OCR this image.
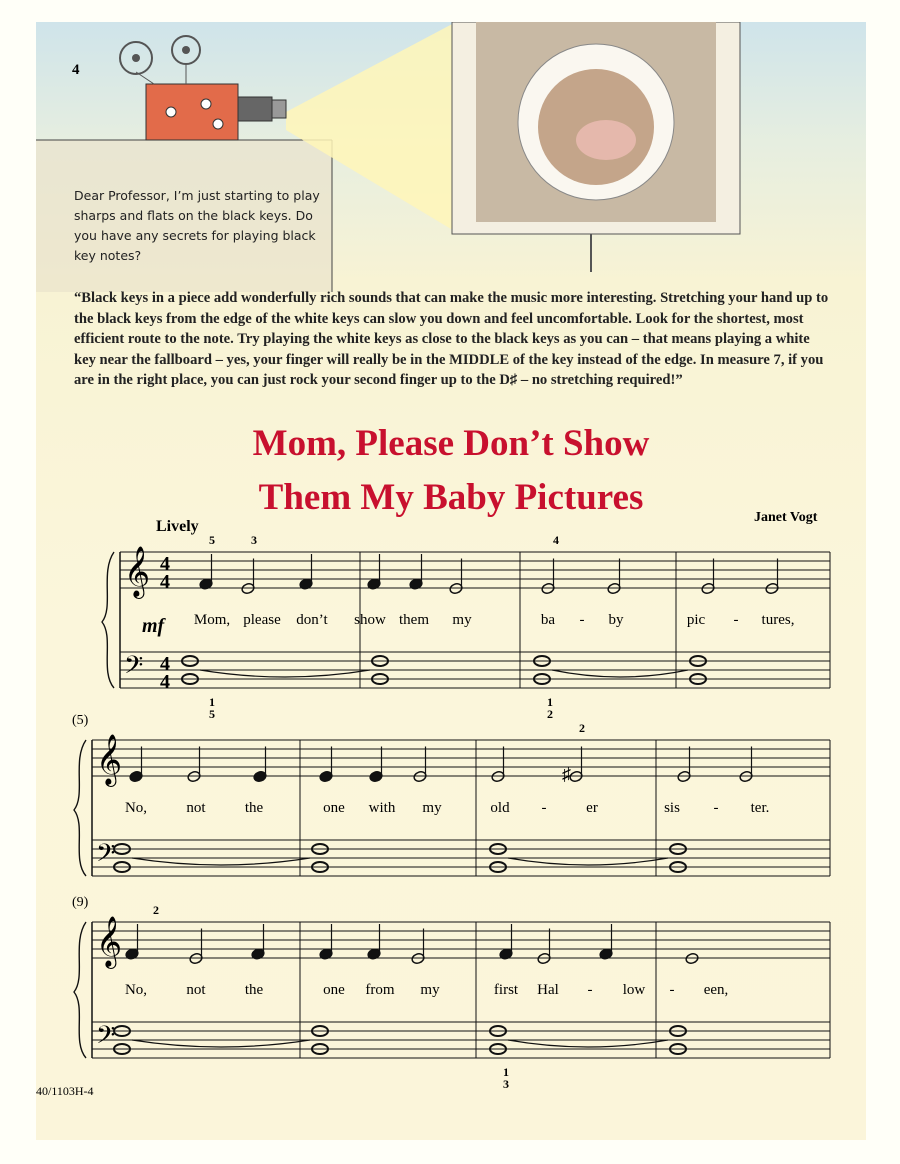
4
Dear Professor, I’m just starting to play sharps and flats on the black keys. Do you have any secrets for playing black key notes?
“Black keys in a piece add wonderfully rich sounds that can make the music more interesting. Stretching your hand up to the black keys from the edge of the white keys can slow you down and feel uncomfortable. Look for the shortest, most efficient route to the note. Try playing the white keys as close to the black keys as you can – that means playing a white key near the fallboard – yes, your finger will really be in the MIDDLE of the key instead of the edge. In measure 7, if you are in the right place, you can just rock your second finger up to the D♯ – no stretching required!”
Mom, Please Don’t Show
Them My Baby Pictures	Janet Vogt
Lively
𝄞
𝄢
4
4
4
4
mf Mom, please don’t show them my	ba - by	pic - tures,
5	3	4
1
5
1
2
(5)
𝄞
𝄢
♯
No,	not	the	one with my	old -	er	sis - ter.
2
(9)
𝄞
𝄢
No,	not	the	one from my	first Hal - low - een,
2
1
3
40/1103H-4
